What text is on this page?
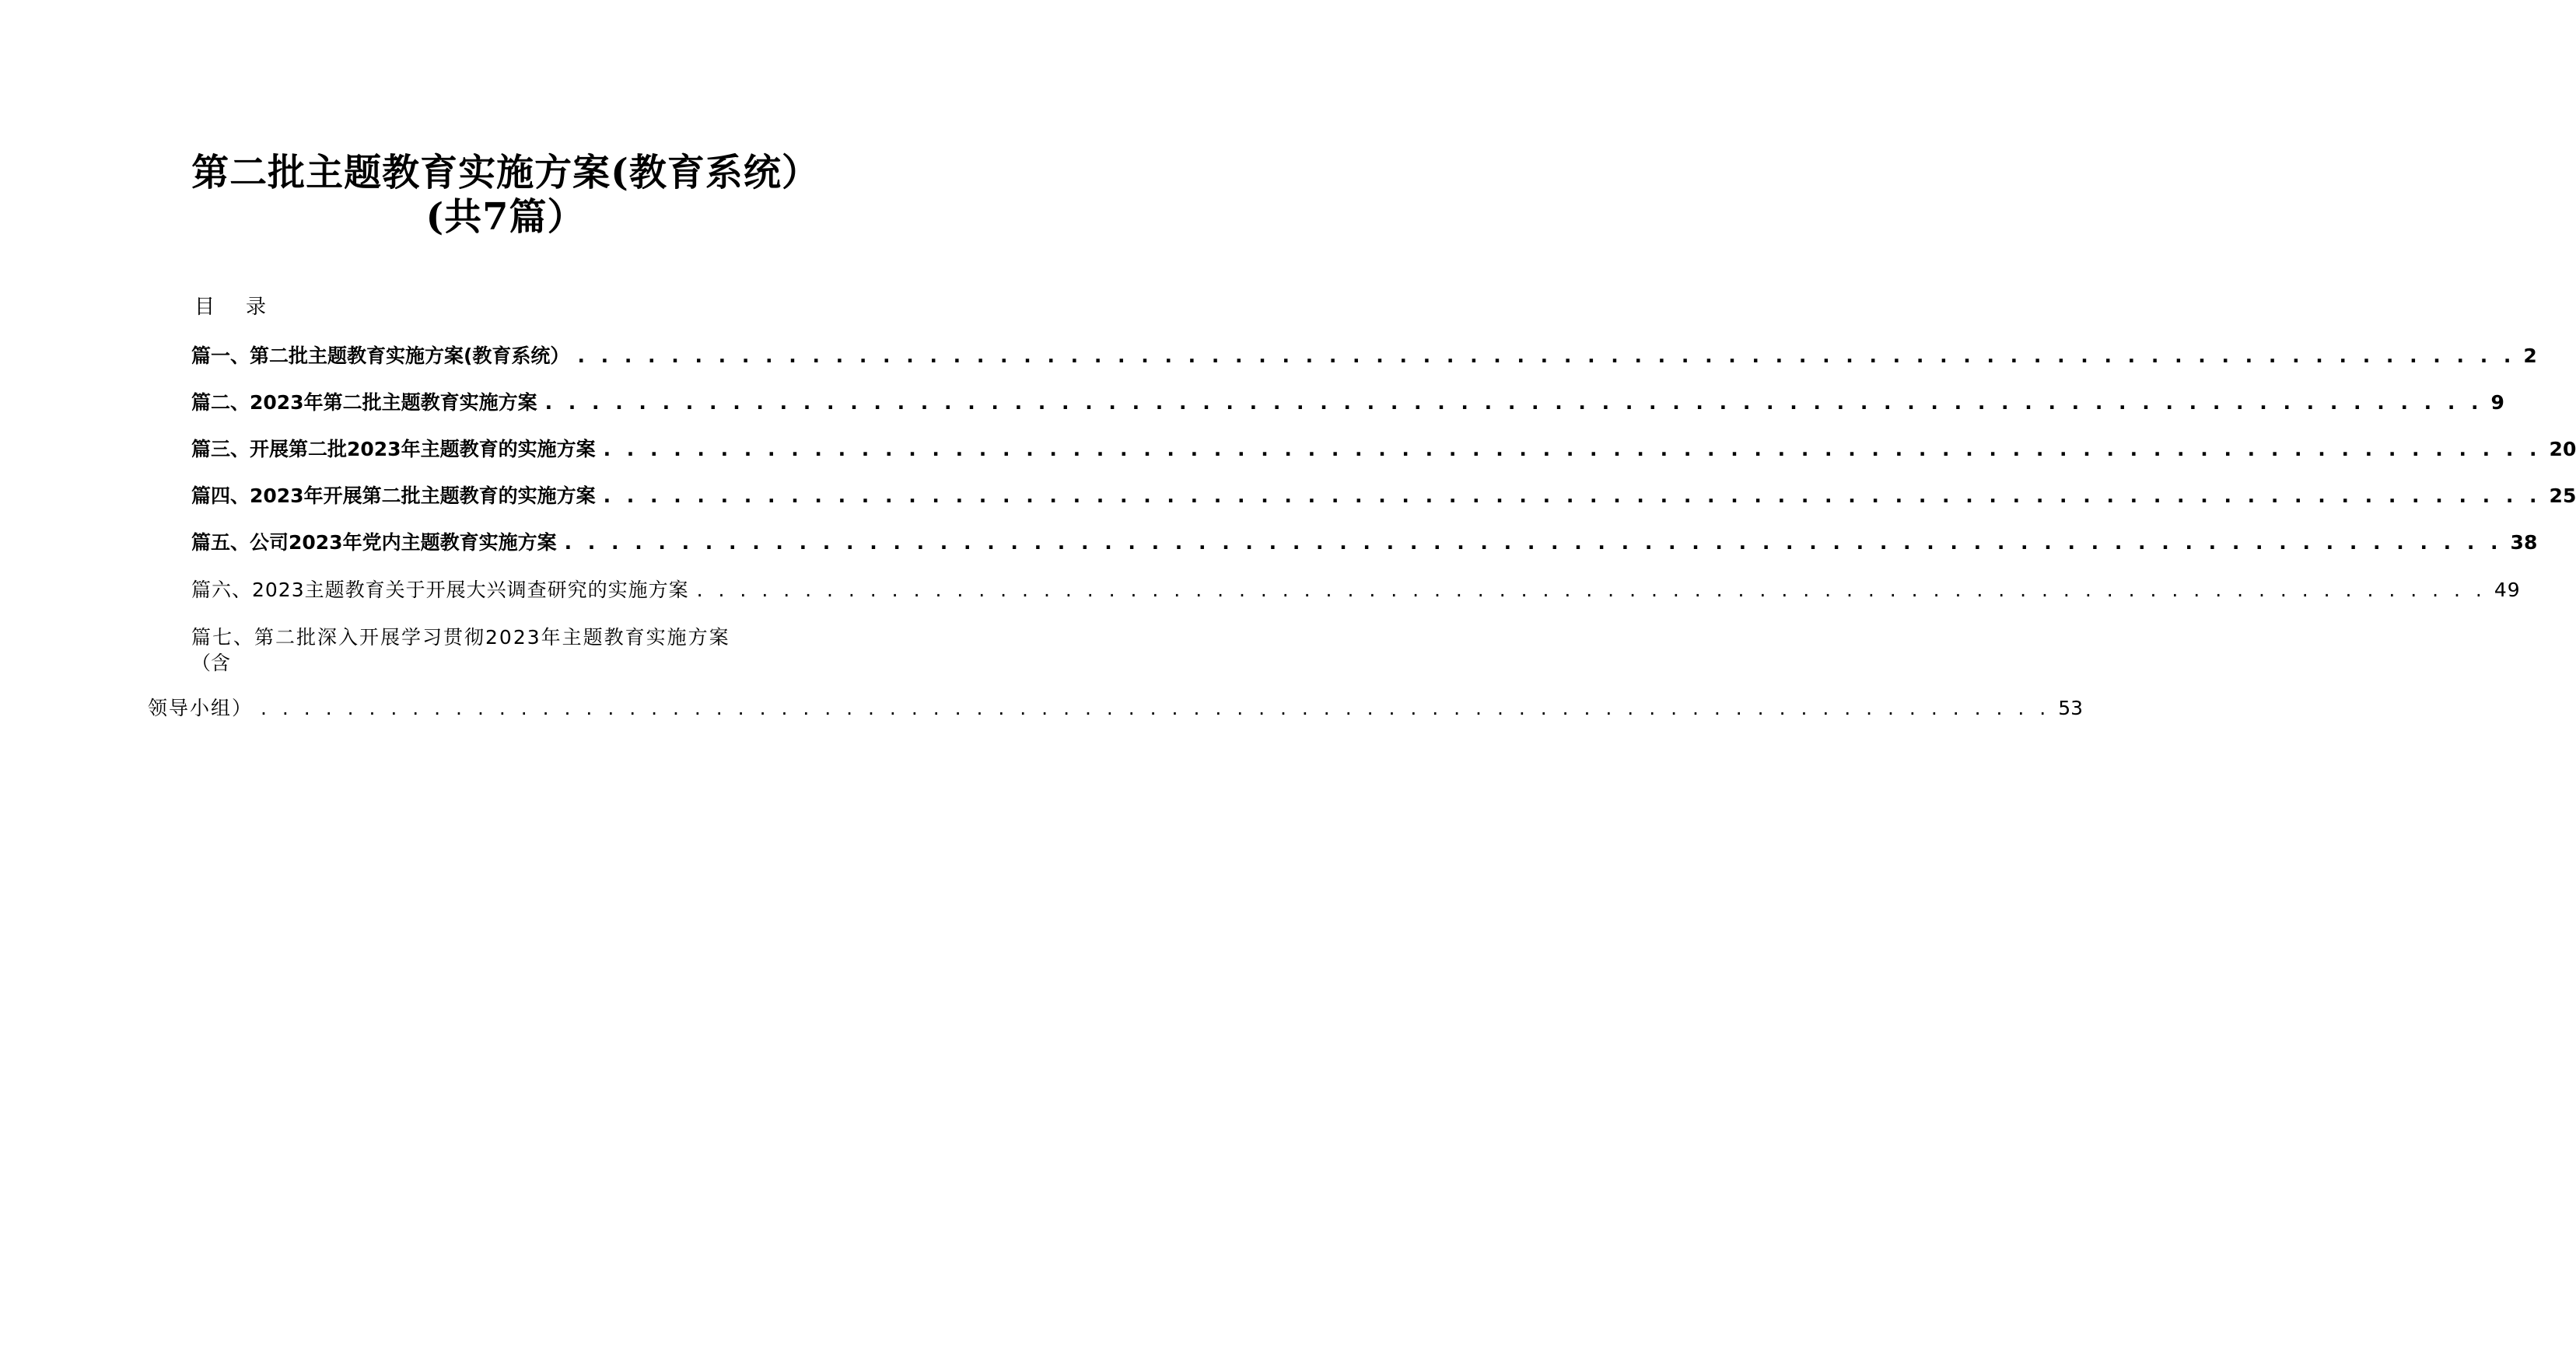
第二批主题教育实施方案(教育系统）
(共7篇）
目 录
篇一、第二批主题教育实施方案(教育系统） . . . . . . . . . . . . . . . . . . . . . . . . . . . . . . . . . . . . . . . . . . . . . . . . . . . . . . . . . . . . . . . . . . . . . . . . . . . . . . . . . . . 2
篇二、2023年第二批主题教育实施方案 . . . . . . . . . . . . . . . . . . . . . . . . . . . . . . . . . . . . . . . . . . . . . . . . . . . . . . . . . . . . . . . . . . . . . . . . . . . . . . . . . . . 9
篇三、开展第二批2023年主题教育的实施方案 . . . . . . . . . . . . . . . . . . . . . . . . . . . . . . . . . . . . . . . . . . . . . . . . . . . . . . . . . . . . . . . . . . . . . . . . . . . . . . . . . . . 20
篇四、2023年开展第二批主题教育的实施方案 . . . . . . . . . . . . . . . . . . . . . . . . . . . . . . . . . . . . . . . . . . . . . . . . . . . . . . . . . . . . . . . . . . . . . . . . . . . . . . . . . . . 25
篇五、公司2023年党内主题教育实施方案 . . . . . . . . . . . . . . . . . . . . . . . . . . . . . . . . . . . . . . . . . . . . . . . . . . . . . . . . . . . . . . . . . . . . . . . . . . . . . . . . . . . 38
篇六、2023主题教育关于开展大兴调查研究的实施方案 . . . . . . . . . . . . . . . . . . . . . . . . . . . . . . . . . . . . . . . . . . . . . . . . . . . . . . . . . . . . . . . . . . . . . . . . . . . . . . . . . . . 49
篇七、第二批深入开展学习贯彻2023年主题教育实施方案
（含
领导小组） . . . . . . . . . . . . . . . . . . . . . . . . . . . . . . . . . . . . . . . . . . . . . . . . . . . . . . . . . . . . . . . . . . . . . . . . . . . . . . . . . . . 53
